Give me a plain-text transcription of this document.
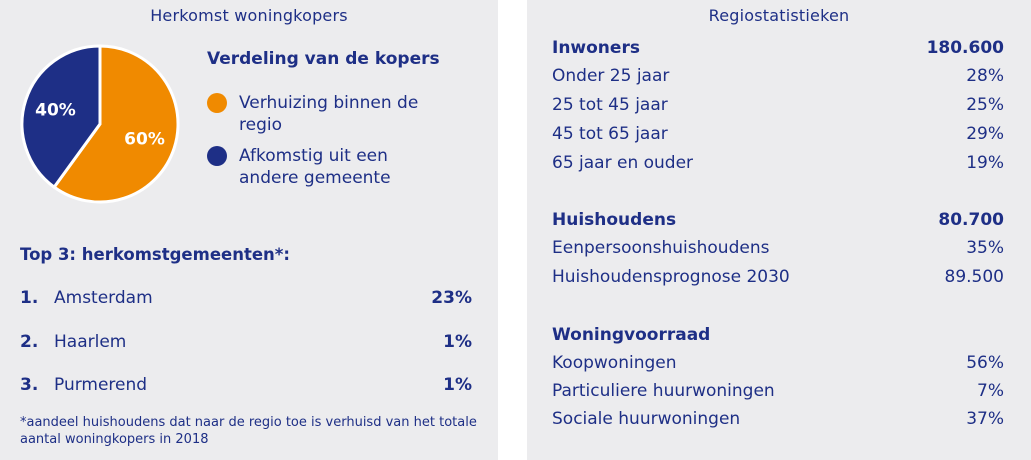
Herkomst woningkopers
60%
40%
Verdeling van de kopers
Verhuizing binnen de regio
Afkomstig uit een andere gemeente
Top 3: herkomstgemeenten*:
1. Amsterdam	23%
2. Haarlem	1%
3. Purmerend	1%
*aandeel huishoudens dat naar de regio toe is verhuisd van het totale aantal woningkopers in 2018
Regiostatistieken
Inwoners	180.600
Onder 25 jaar	28%
25 tot 45 jaar	25%
45 tot 65 jaar	29%
65 jaar en ouder	19%
Huishoudens	80.700
Eenpersoonshuishoudens	35%
Huishoudensprognose 2030	89.500
Woningvoorraad
Koopwoningen	56%
Particuliere huurwoningen	7%
Sociale huurwoningen	37%
